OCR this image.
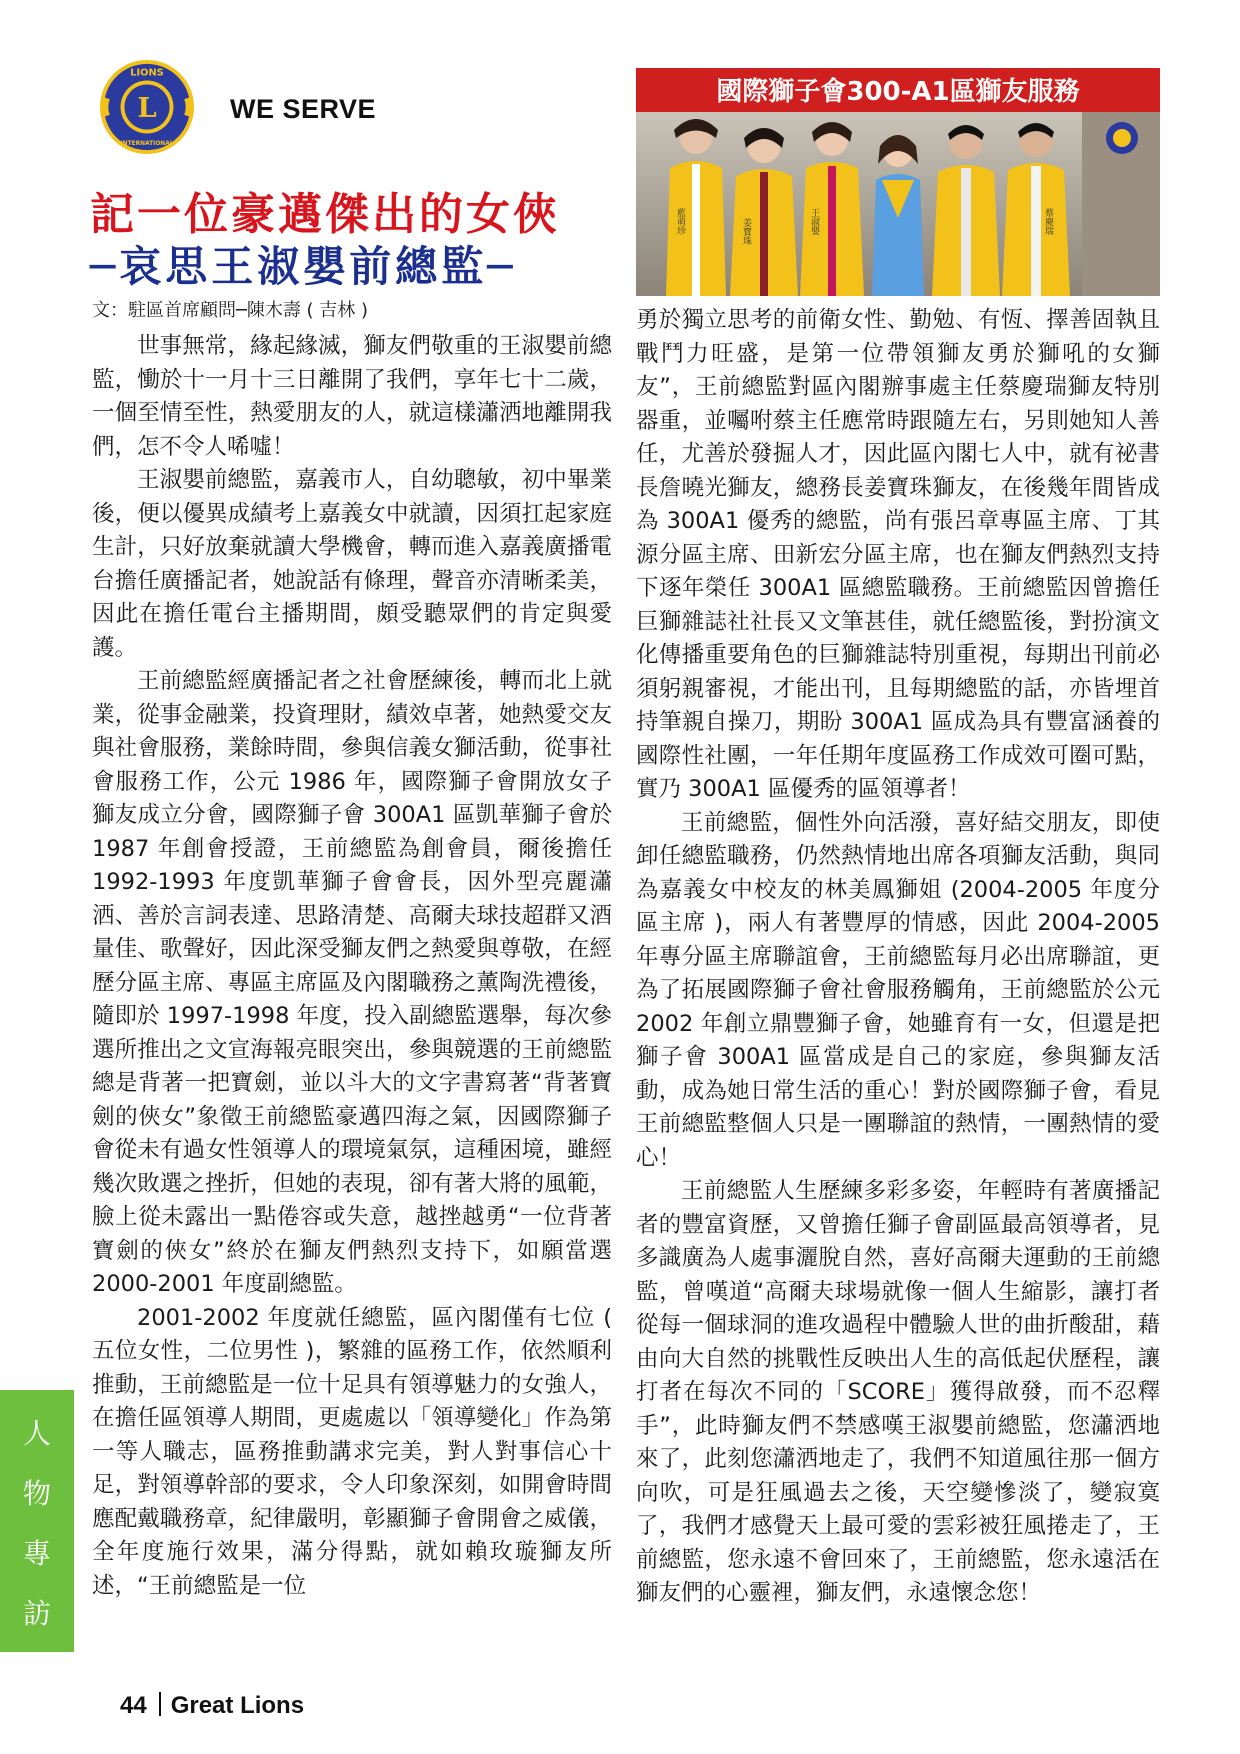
L
LIONS
INTERNATIONAL
WE SERVE
記一位豪邁傑出的女俠
─哀思王淑嬰前總監─
文：駐區首席顧問─陳木壽 ( 吉林 )
國際獅子會300-A1區獅友服務
藍萌珍	姜寶珠	王淑嬰	蔡慶瑞

世事無常，緣起緣滅，獅友們敬重的王淑嬰前總監，慟於十一月十三日離開了我們，享年七十二歲，一個至情至性，熱愛朋友的人，就這樣瀟洒地離開我們，怎不令人唏噓！

王淑嬰前總監，嘉義市人，自幼聰敏，初中畢業後，便以優異成績考上嘉義女中就讀，因須扛起家庭生計，只好放棄就讀大學機會，轉而進入嘉義廣播電台擔任廣播記者，她說話有條理，聲音亦清晰柔美，因此在擔任電台主播期間，頗受聽眾們的肯定與愛護。

王前總監經廣播記者之社會歷練後，轉而北上就業，從事金融業，投資理財，績效卓著，她熱愛交友與社會服務，業餘時間，參與信義女獅活動，從事社會服務工作，公元 1986 年，國際獅子會開放女子獅友成立分會，國際獅子會 300A1 區凱華獅子會於 1987 年創會授證，王前總監為創會員，爾後擔任 1992-1993 年度凱華獅子會會長，因外型亮麗瀟洒、善於言詞表達、思路清楚、高爾夫球技超群又酒量佳、歌聲好，因此深受獅友們之熱愛與尊敬，在經歷分區主席、專區主席區及內閣職務之薰陶洗禮後，隨即於 1997-1998 年度，投入副總監選舉，每次參選所推出之文宣海報亮眼突出，參與競選的王前總監總是背著一把寶劍，並以斗大的文字書寫著“背著寶劍的俠女”象徵王前總監豪邁四海之氣，因國際獅子會從未有過女性領導人的環境氣氛，這種困境，雖經幾次敗選之挫折，但她的表現，卻有著大將的風範，臉上從未露出一點倦容或失意，越挫越勇“一位背著寶劍的俠女”終於在獅友們熱烈支持下，如願當選 2000-2001 年度副總監。

2001-2002 年度就任總監，區內閣僅有七位 ( 五位女性，二位男性 )，繁雜的區務工作，依然順利推動，王前總監是一位十足具有領導魅力的女強人，在擔任區領導人期間，更處處以「領導變化」作為第一等人職志，區務推動講求完美，對人對事信心十足，對領導幹部的要求，令人印象深刻，如開會時間應配戴職務章，紀律嚴明，彰顯獅子會開會之威儀，全年度施行效果，滿分得點，就如賴玫璇獅友所述，“王前總監是一位

勇於獨立思考的前衛女性、勤勉、有恆、擇善固執且戰鬥力旺盛，是第一位帶領獅友勇於獅吼的女獅友”，王前總監對區內閣辦事處主任蔡慶瑞獅友特別器重，並囑咐蔡主任應常時跟隨左右，另則她知人善任，尤善於發掘人才，因此區內閣七人中，就有祕書長詹曉光獅友，總務長姜寶珠獅友，在後幾年間皆成為 300A1 優秀的總監，尚有張呂章專區主席、丁其源分區主席、田新宏分區主席，也在獅友們熱烈支持下逐年榮任 300A1 區總監職務。王前總監因曾擔任巨獅雜誌社社長又文筆甚佳，就任總監後，對扮演文化傳播重要角色的巨獅雜誌特別重視，每期出刊前必須躬親審視，才能出刊，且每期總監的話，亦皆埋首持筆親自操刀，期盼 300A1 區成為具有豐富涵養的國際性社團，一年任期年度區務工作成效可圈可點，實乃 300A1 區優秀的區領導者！

王前總監，個性外向活潑，喜好結交朋友，即使卸任總監職務，仍然熱情地出席各項獅友活動，與同為嘉義女中校友的林美鳳獅姐 (2004-2005 年度分區主席 )，兩人有著豐厚的情感，因此 2004-2005 年專分區主席聯誼會，王前總監每月必出席聯誼，更為了拓展國際獅子會社會服務觸角，王前總監於公元 2002 年創立鼎豐獅子會，她雖育有一女，但還是把獅子會 300A1 區當成是自己的家庭，參與獅友活動，成為她日常生活的重心！對於國際獅子會，看見王前總監整個人只是一團聯誼的熱情，一團熱情的愛心！

王前總監人生歷練多彩多姿，年輕時有著廣播記者的豐富資歷，又曾擔任獅子會副區最高領導者，見多識廣為人處事灑脫自然，喜好高爾夫運動的王前總監，曾嘆道“高爾夫球場就像一個人生縮影，讓打者從每一個球洞的進攻過程中體驗人世的曲折酸甜，藉由向大自然的挑戰性反映出人生的高低起伏歷程，讓打者在每次不同的「SCORE」獲得啟發，而不忍釋手”，此時獅友們不禁感嘆王淑嬰前總監，您瀟洒地來了，此刻您瀟洒地走了，我們不知道風往那一個方向吹，可是狂風過去之後，天空變慘淡了，變寂寞了，我們才感覺天上最可愛的雲彩被狂風捲走了，王前總監，您永遠不會回來了，王前總監，您永遠活在獅友們的心靈裡，獅友們，永遠懷念您！

人
物
專
訪
44 Great Lions
